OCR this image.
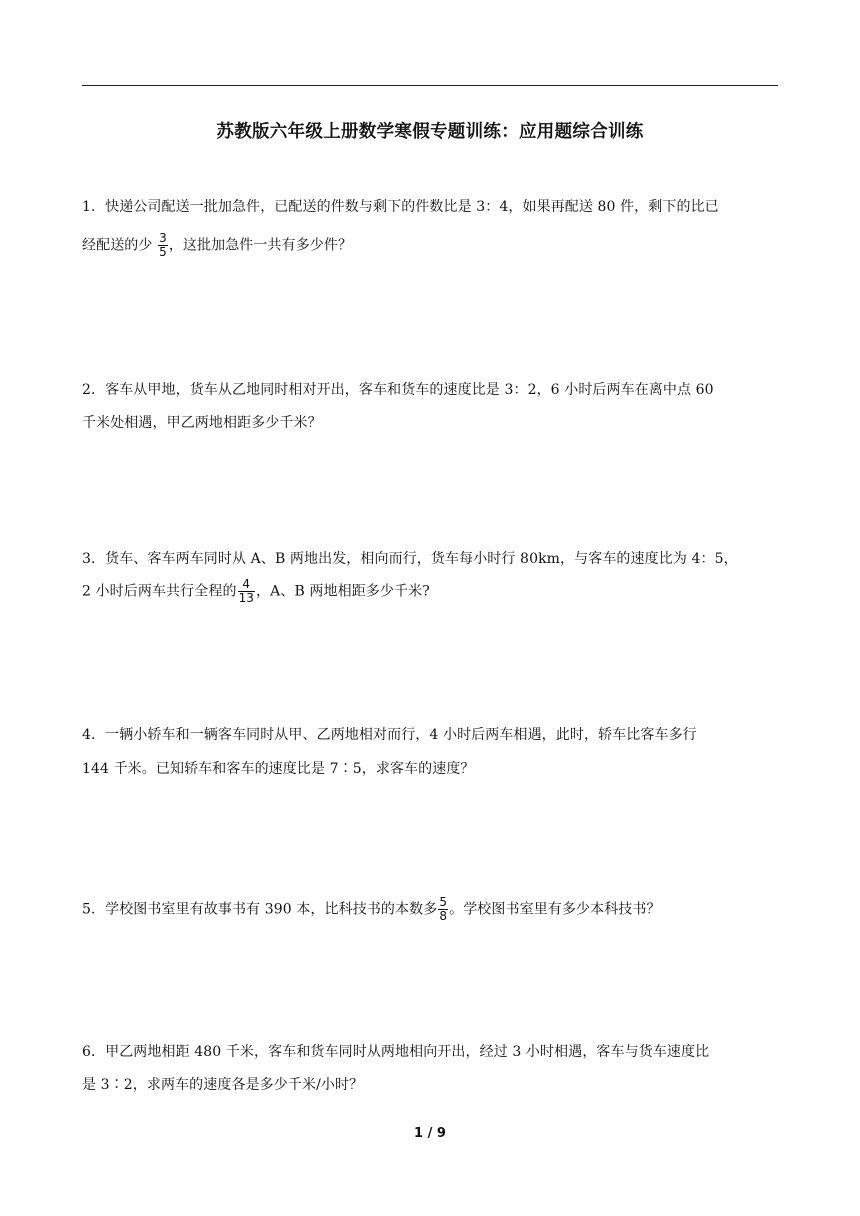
苏教版六年级上册数学寒假专题训练：应用题综合训练
1．快递公司配送一批加急件，已配送的件数与剩下的件数比是 3：4，如果再配送 80 件，剩下的比已
经配送的少 $\frac{3}{5}$ ，这批加急件一共有多少件？
2．客车从甲地，货车从乙地同时相对开出，客车和货车的速度比是 3：2，6 小时后两车在离中点 60
千米处相遇，甲乙两地相距多少千米？
3．货车、客车两车同时从 A、B 两地出发，相向而行，货车每小时行 80km，与客车的速度比为 4：5，
2 小时后两车共行全程的 $\frac{4}{13}$ ，A、B 两地相距多少千米?
4．一辆小轿车和一辆客车同时从甲、乙两地相对而行，4 小时后两车相遇，此时，轿车比客车多行
144 千米。已知轿车和客车的速度比是 7∶5，求客车的速度？
5．学校图书室里有故事书有 390 本，比科技书的本数多 $\frac{5}{8}$ 。学校图书室里有多少本科技书？
6．甲乙两地相距 480 千米，客车和货车同时从两地相向开出，经过 3 小时相遇，客车与货车速度比
是 3∶2，求两车的速度各是多少千米/小时？
1 / 9
